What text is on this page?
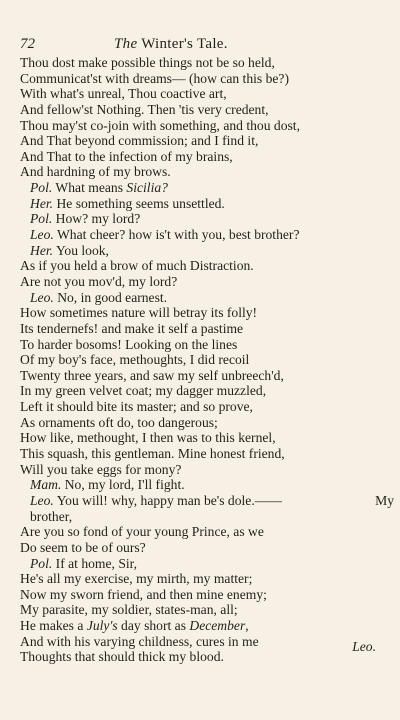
72	The Winter's Tale.
Thou dost make possible things not be so held,
Communicat'st with dreams— (how can this be?)
With what's unreal, Thou coactive art,
And fellow'st Nothing. Then 'tis very credent,
Thou may'st co-join with something, and thou dost,
And That beyond commission; and I find it,
And That to the infection of my brains,
And hardning of my brows.
Pol. What means Sicilia?
Her. He something seems unsettled.
Pol. How? my lord?
Leo. What cheer? how is't with you, best brother?
Her. You look,
As if you held a brow of much Distraction.
Are not you mov'd, my lord?
Leo. No, in good earnest.
How sometimes nature will betray its folly!
Its tendernefs! and make it self a pastime
To harder bosoms! Looking on the lines
Of my boy's face, methoughts, I did recoil
Twenty three years, and saw my self unbreech'd,
In my green velvet coat; my dagger muzzled,
Left it should bite its master; and so prove,
As ornaments oft do, too dangerous;
How like, methought, I then was to this kernel,
This squash, this gentleman. Mine honest friend,
Will you take eggs for mony?
Mam. No, my lord, I'll fight.
Leo. You will! why, happy man be's dole.——	My
brother,
Are you so fond of your young Prince, as we
Do seem to be of ours?
Pol. If at home, Sir,
He's all my exercise, my mirth, my matter;
Now my sworn friend, and then mine enemy;
My parasite, my soldier, states-man, all;
He makes a July's day short as December,
And with his varying childness, cures in me
Thoughts that should thick my blood.
Leo.
